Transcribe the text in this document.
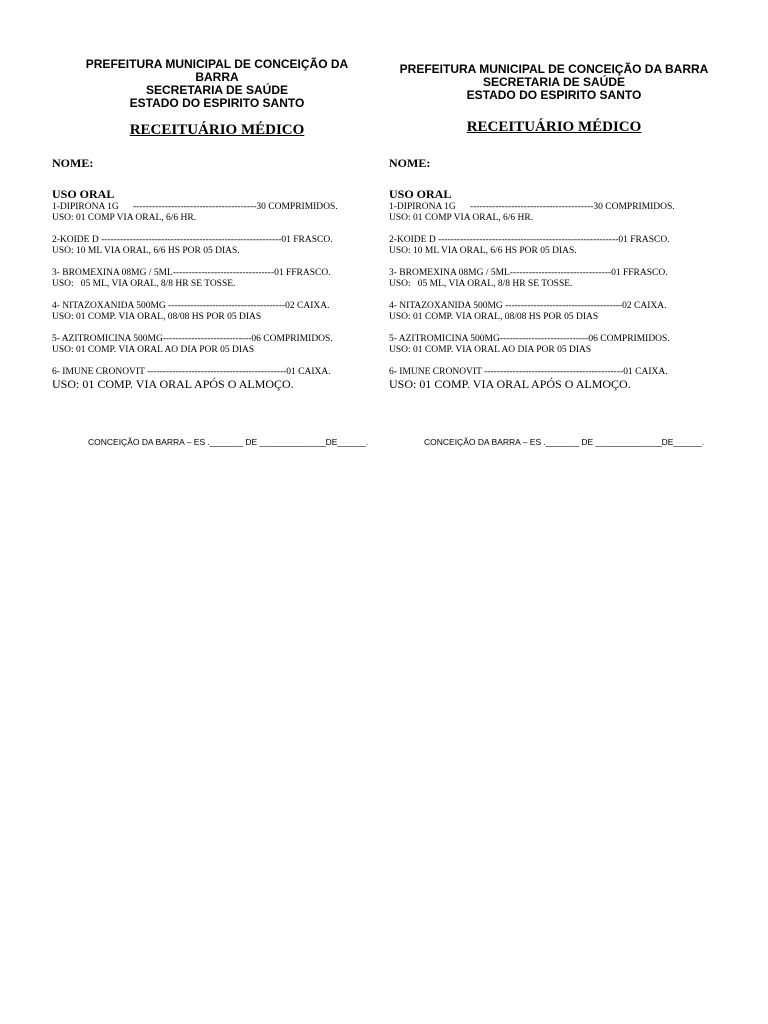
PREFEITURA MUNICIPAL DE CONCEIÇÃO DA
BARRA
SECRETARIA DE SAÚDE
ESTADO DO ESPIRITO SANTO
RECEITUÁRIO MÉDICO
NOME:
USO ORAL
1-DIPIRONA 1G      ---------------------------------------30 COMPRIMIDOS.
USO: 01 COMP VIA ORAL, 6/6 HR.
2-KOIDE D ---------------------------------------------------------01 FRASCO.
USO: 10 ML VIA ORAL, 6/6 HS POR 05 DIAS.
3- BROMEXINA 08MG / 5ML--------------------------------01 FFRASCO.
USO:   05 ML, VIA ORAL, 8/8 HR SE TOSSE.
4- NITAZOXANIDA 500MG -------------------------------------02 CAIXA.
USO: 01 COMP. VIA ORAL, 08/08 HS POR 05 DIAS
5- AZITROMICINA 500MG----------------------------06 COMPRIMIDOS.
USO: 01 COMP. VIA ORAL AO DIA POR 05 DIAS
6- IMUNE CRONOVIT --------------------------------------------01 CAIXA.
USO: 01 COMP. VIA ORAL APÓS O ALMOÇO.
CONCEIÇÃO DA BARRA – ES ._______ DE ______________DE______.
PREFEITURA MUNICIPAL DE CONCEIÇÃO DA BARRA
SECRETARIA DE SAÚDE
ESTADO DO ESPIRITO SANTO
RECEITUÁRIO MÉDICO
NOME:
USO ORAL
1-DIPIRONA 1G      ---------------------------------------30 COMPRIMIDOS.
USO: 01 COMP VIA ORAL, 6/6 HR.
2-KOIDE D ---------------------------------------------------------01 FRASCO.
USO: 10 ML VIA ORAL, 6/6 HS POR 05 DIAS.
3- BROMEXINA 08MG / 5ML--------------------------------01 FFRASCO.
USO:   05 ML, VIA ORAL, 8/8 HR SE TOSSE.
4- NITAZOXANIDA 500MG -------------------------------------02 CAIXA.
USO: 01 COMP. VIA ORAL, 08/08 HS POR 05 DIAS
5- AZITROMICINA 500MG----------------------------06 COMPRIMIDOS.
USO: 01 COMP. VIA ORAL AO DIA POR 05 DIAS
6- IMUNE CRONOVIT --------------------------------------------01 CAIXA.
USO: 01 COMP. VIA ORAL APÓS O ALMOÇO.
CONCEIÇÃO DA BARRA – ES ._______ DE ______________DE______.
